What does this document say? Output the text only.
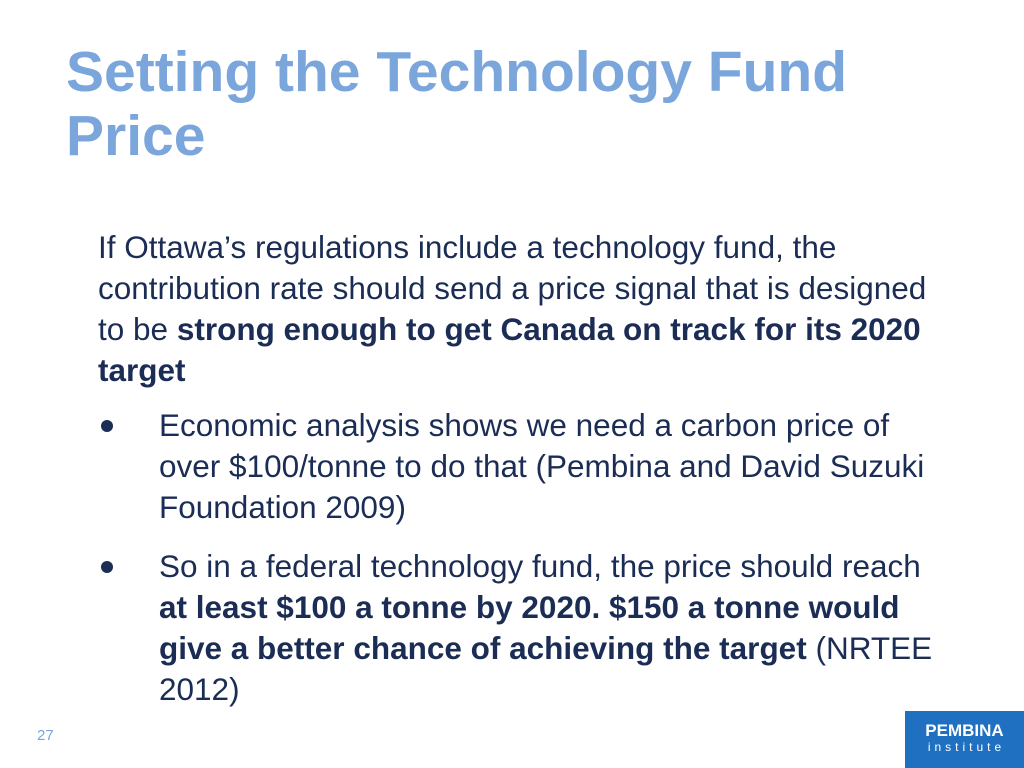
Setting the Technology Fund Price

If Ottawa’s regulations include a technology fund, the contribution rate should send a price signal that is designed to be strong enough to get Canada on track for its 2020 target

Economic analysis shows we need a carbon price of over $100/tonne to do that (Pembina and David Suzuki Foundation 2009)
So in a federal technology fund, the price should reach at least $100 a tonne by 2020. $150 a tonne would give a better chance of achieving the target (NRTEE 2012)
27	PEMBINA
institute
